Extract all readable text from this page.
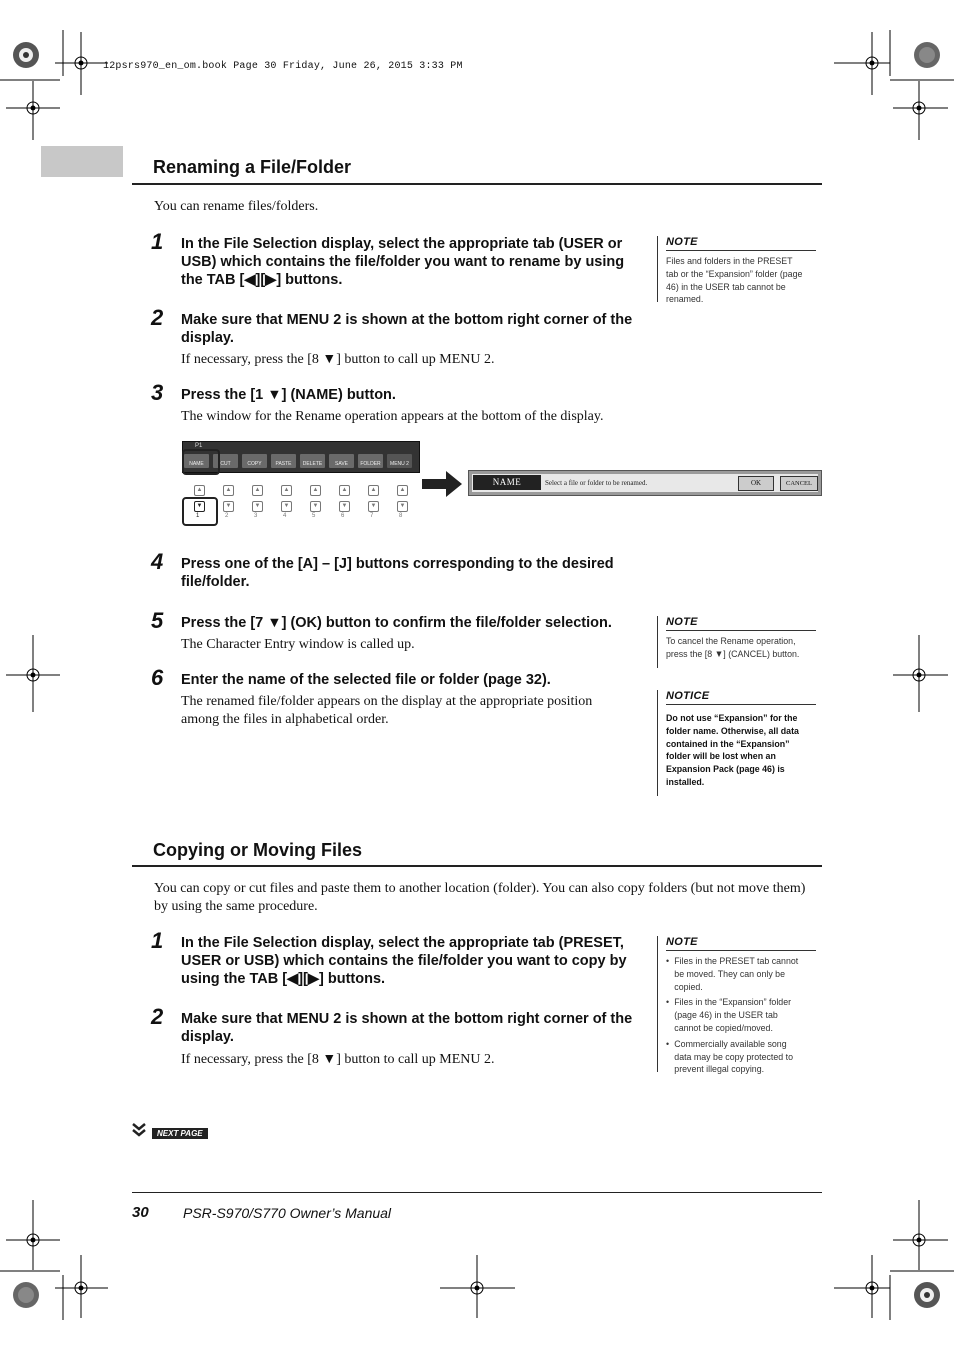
12psrs970_en_om.book Page 30 Friday, June 26, 2015 3:33 PM
Renaming a File/Folder
You can rename files/folders.
1 In the File Selection display, select the appropriate tab (USER or USB) which contains the file/folder you want to rename by using the TAB [◀][▶] buttons.
2 Make sure that MENU 2 is shown at the bottom right corner of the display.
If necessary, press the [8 ▼] button to call up MENU 2.
3 Press the [1 ▼] (NAME) button.
The window for the Rename operation appears at the bottom of the display.
P1
NAME	CUT	COPY	PASTE	DELETE	SAVE	FOLDER	MENU 2
▲
▼
1
▲
▼
2
▲
▼
3
▲
▼
4
▲
▼
5
▲
▼
6
▲
▼
7
▲
▼
8
NAME	Select a file or folder to be renamed.	OK	CANCEL
4 Press one of the [A] – [J] buttons corresponding to the desired file/folder.
5 Press the [7 ▼] (OK) button to confirm the file/folder selection.
The Character Entry window is called up.
6 Enter the name of the selected file or folder (page 32).
The renamed file/folder appears on the display at the appropriate position among the files in alphabetical order.
NOTE
Files and folders in the PRESET tab or the “Expansion” folder (page 46) in the USER tab cannot be renamed.
NOTE
To cancel the Rename operation, press the [8 ▼] (CANCEL) button.
NOTICE
Do not use “Expansion” for the folder name. Otherwise, all data contained in the “Expansion” folder will be lost when an Expansion Pack (page 46) is installed.
Copying or Moving Files
You can copy or cut files and paste them to another location (folder). You can also copy folders (but not move them) by using the same procedure.
1 In the File Selection display, select the appropriate tab (PRESET, USER or USB) which contains the file/folder you want to copy by using the TAB [◀][▶] buttons.
2 Make sure that MENU 2 is shown at the bottom right corner of the display.
If necessary, press the [8 ▼] button to call up MENU 2.
NOTE
• Files in the PRESET tab cannot be moved. They can only be copied.
• Files in the “Expansion” folder (page 46) in the USER tab cannot be copied/moved.
• Commercially available song data may be copy protected to prevent illegal copying.
NEXT PAGE
30 PSR-S970/S770 Owner’s Manual
